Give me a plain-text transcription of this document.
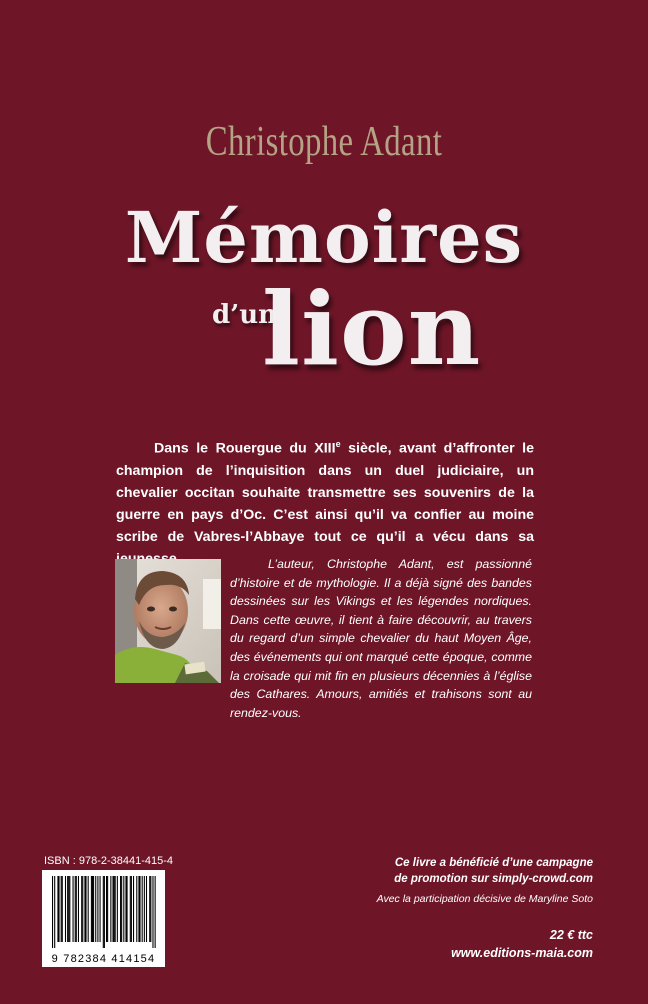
Christophe Adant
Mémoires
d’un
lion
Dans le Rouergue du XIIIe siècle, avant d’affronter le champion de l’inquisition dans un duel judiciaire, un chevalier occitan souhaite transmettre ses souvenirs de la guerre en pays d’Oc. C’est ainsi qu’il va confier au moine scribe de Vabres-l’Abbaye tout ce qu’il a vécu dans sa
L’auteur, Christophe Adant, est passionné d’histoire et de mythologie. Il a déjà signé des bandes dessinées sur les Vikings et les légendes nordiques. Dans cette œuvre, il tient à faire découvrir, au travers du regard d’un simple chevalier du haut Moyen Âge, des événements qui ont marqué cette époque, comme la croisade qui mit fin en plusieurs décennies à l’église des Cathares. Amours, amitiés et trahisons sont au rendez-vous.
ISBN : 978-2-38441-415-4
9 782384 414154
Ce livre a bénéficié d’une campagne
de promotion sur simply-crowd.com
Avec la participation décisive de Maryline Soto
22 € ttc
www.editions-maia.com
